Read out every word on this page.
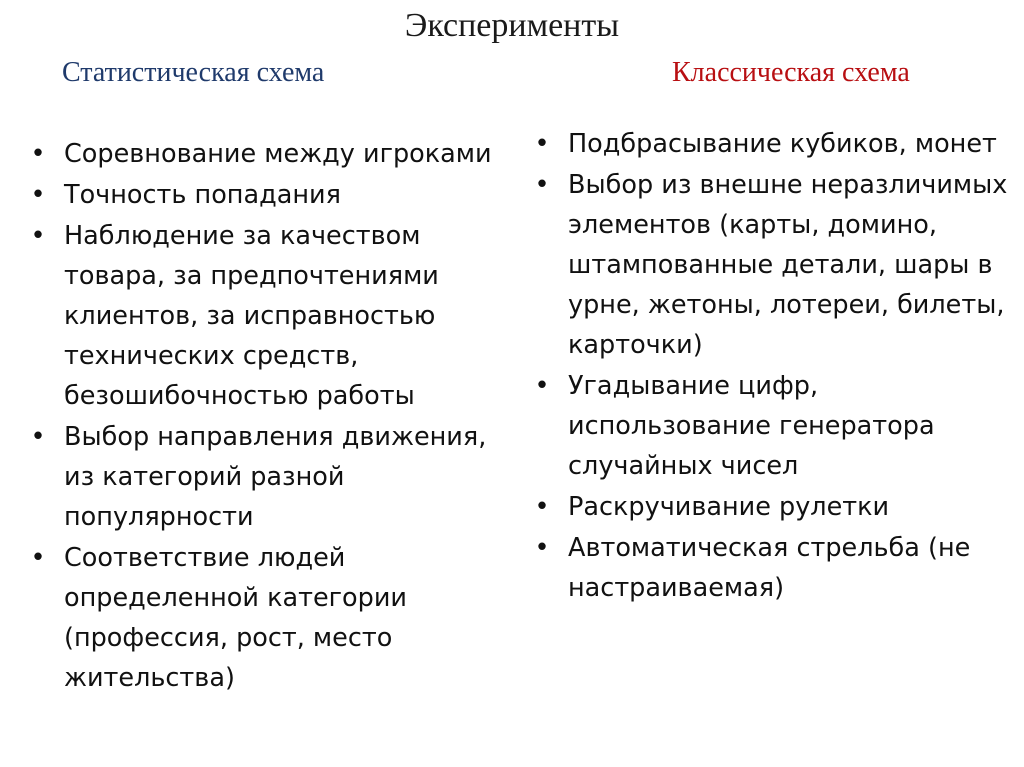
Эксперименты
Статистическая схема	Классическая схема
• Соревнование между игроками
• Точность попадания
• Наблюдение за качеством товара, за предпочтениями клиентов, за исправностью технических средств, безошибочностью работы
• Выбор направления движения, из категорий разной популярности
• Соответствие людей определенной категории (профессия, рост, место жительства)
• Подбрасывание кубиков, монет
• Выбор из внешне неразличимых элементов (карты, домино, штампованные детали, шары в урне, жетоны, лотереи, билеты, карточки)
• Угадывание цифр, использование генератора случайных чисел
• Раскручивание рулетки
• Автоматическая стрельба (не настраиваемая)
